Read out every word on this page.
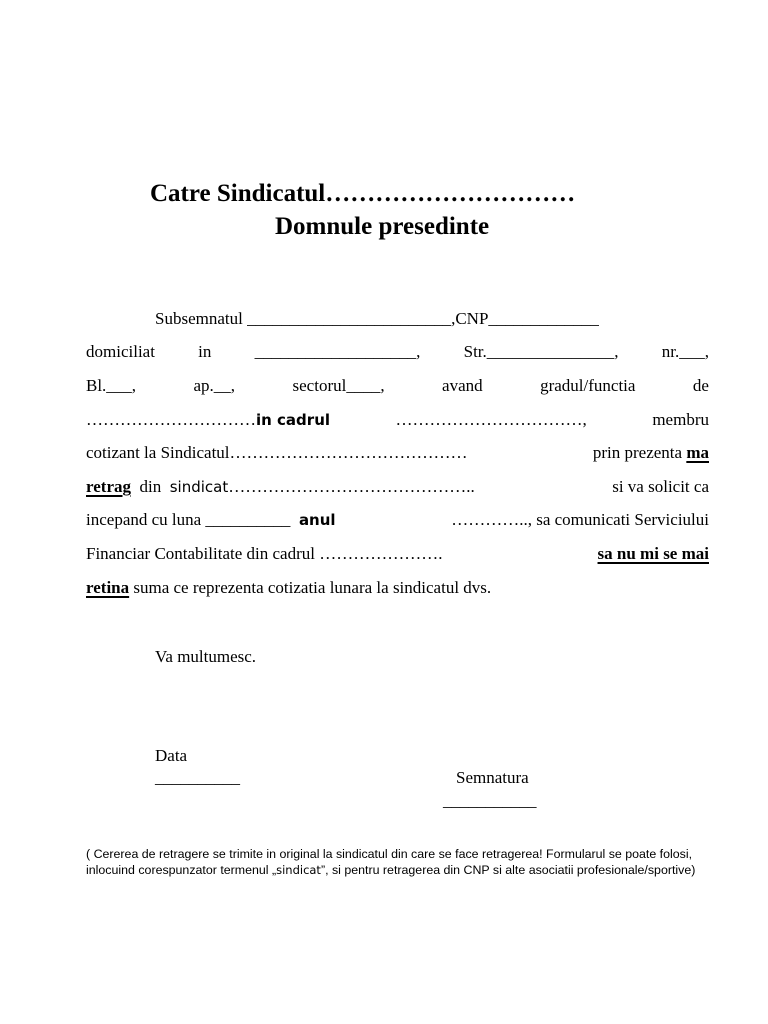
Catre Sindicatul…………………………
Domnule presedinte
Subsemnatul ________________________,CNP_____________
domiciliat	in	___________________,	Str._______________,	nr.___,
Bl.___,	ap.__,	sectorul____,	avand	gradul/functia	de
…………………………in cadrul	……………………………,	membru
cotizant la Sindicatul……………………………………	prin prezenta ma
retrag din sindicat……………………………………..	si va solicit ca
incepand cu luna __________ anul	………….., sa comunicati Serviciului
Financiar Contabilitate din cadrul ………………….	sa nu mi se mai
retina suma ce reprezenta cotizatia lunara la sindicatul dvs.
Va multumesc.
Data
__________	Semnatura
___________
( Cererea de retragere se trimite in original la sindicatul din care se face retragerea! Formularul se poate folosi, inlocuind corespunzator termenul „sindicat”, si pentru retragerea din CNP si alte asociatii profesionale/sportive)
